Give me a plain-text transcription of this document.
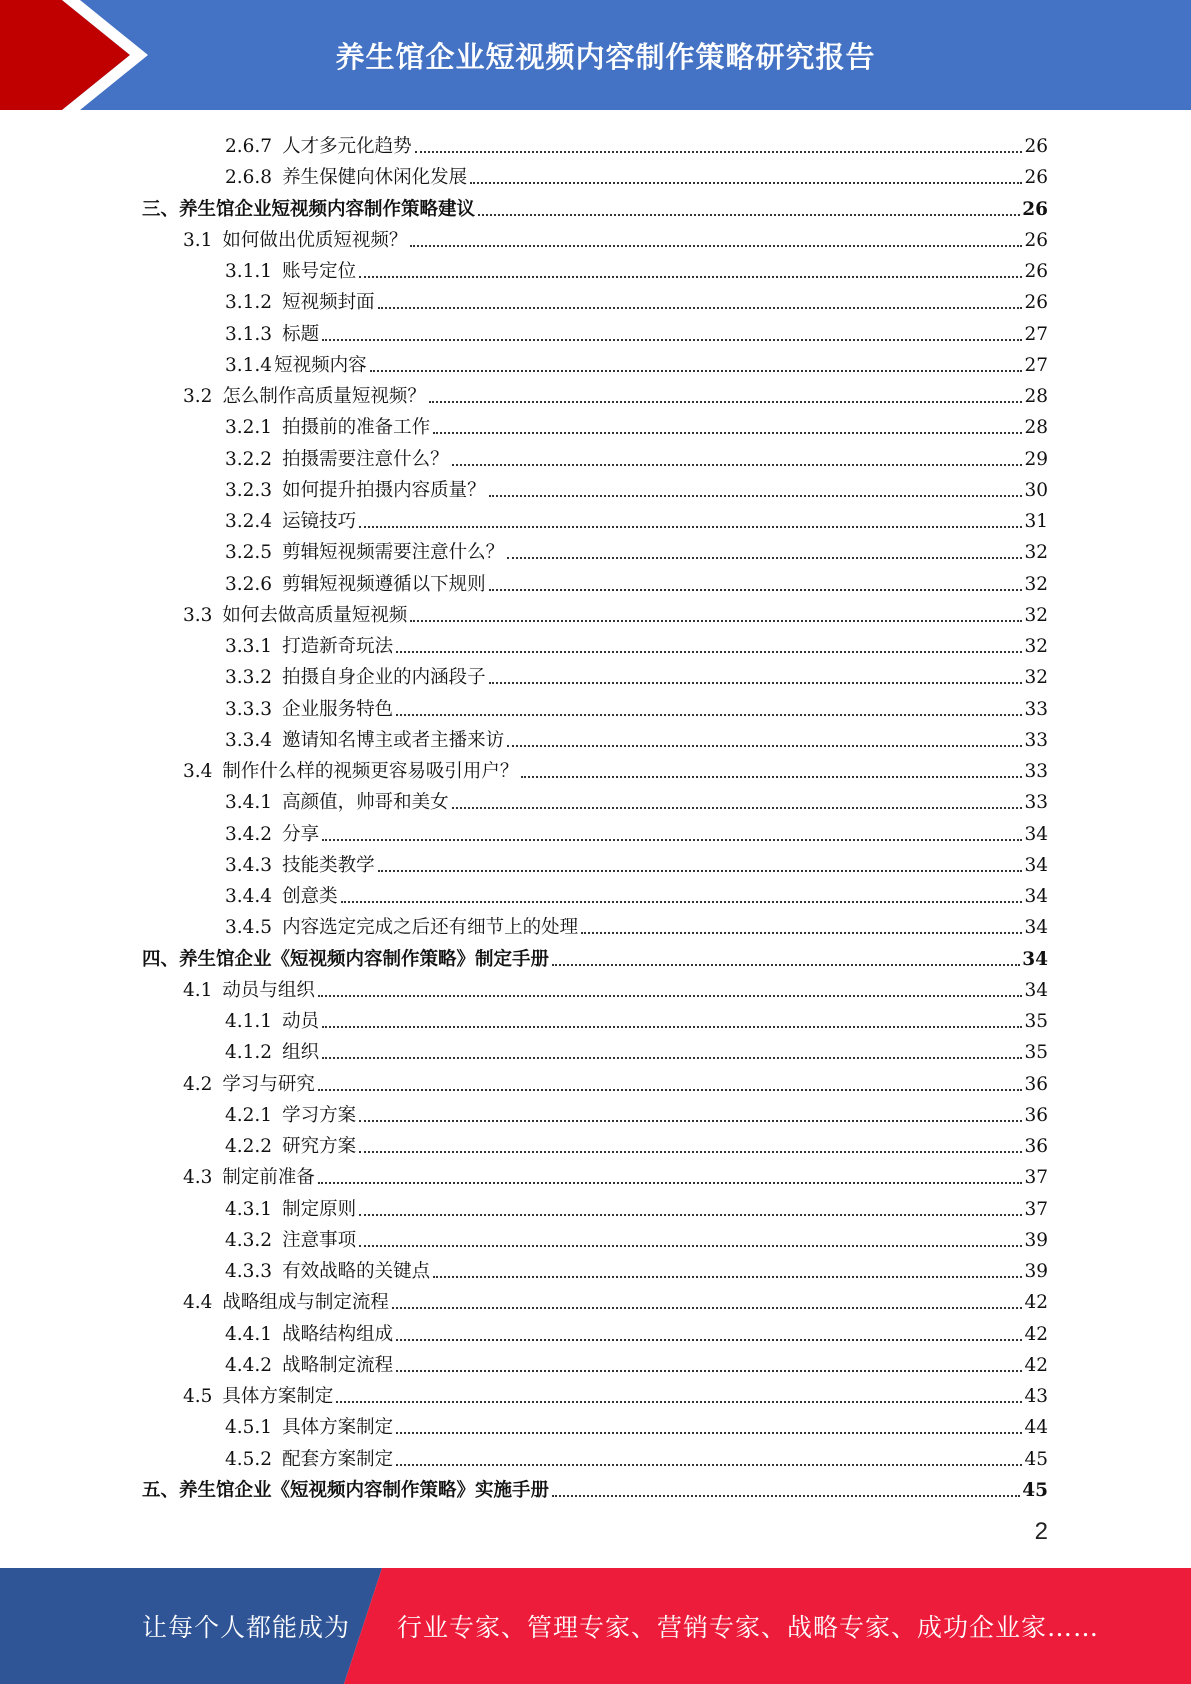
养生馆企业短视频内容制作策略研究报告
2.6.7 人才多元化趋势	26
2.6.8 养生保健向休闲化发展	26
三、养生馆企业短视频内容制作策略建议	26
3.1 如何做出优质短视频？	26
3.1.1 账号定位	26
3.1.2 短视频封面	26
3.1.3 标题	27
3.1.4 短视频内容	27
3.2 怎么制作高质量短视频？	28
3.2.1 拍摄前的准备工作	28
3.2.2 拍摄需要注意什么？	29
3.2.3 如何提升拍摄内容质量？	30
3.2.4 运镜技巧	31
3.2.5 剪辑短视频需要注意什么？	32
3.2.6 剪辑短视频遵循以下规则	32
3.3 如何去做高质量短视频	32
3.3.1 打造新奇玩法	32
3.3.2 拍摄自身企业的内涵段子	32
3.3.3 企业服务特色	33
3.3.4 邀请知名博主或者主播来访	33
3.4 制作什么样的视频更容易吸引用户？	33
3.4.1 高颜值，帅哥和美女	33
3.4.2 分享	34
3.4.3 技能类教学	34
3.4.4 创意类	34
3.4.5 内容选定完成之后还有细节上的处理	34
四、养生馆企业《短视频内容制作策略》制定手册	34
4.1 动员与组织	34
4.1.1 动员	35
4.1.2 组织	35
4.2 学习与研究	36
4.2.1 学习方案	36
4.2.2 研究方案	36
4.3 制定前准备	37
4.3.1 制定原则	37
4.3.2 注意事项	39
4.3.3 有效战略的关键点	39
4.4 战略组成与制定流程	42
4.4.1 战略结构组成	42
4.4.2 战略制定流程	42
4.5 具体方案制定	43
4.5.1 具体方案制定	44
4.5.2 配套方案制定	45
五、养生馆企业《短视频内容制作策略》实施手册	45
2
让每个人都能成为 行业专家、管理专家、营销专家、战略专家、成功企业家……
